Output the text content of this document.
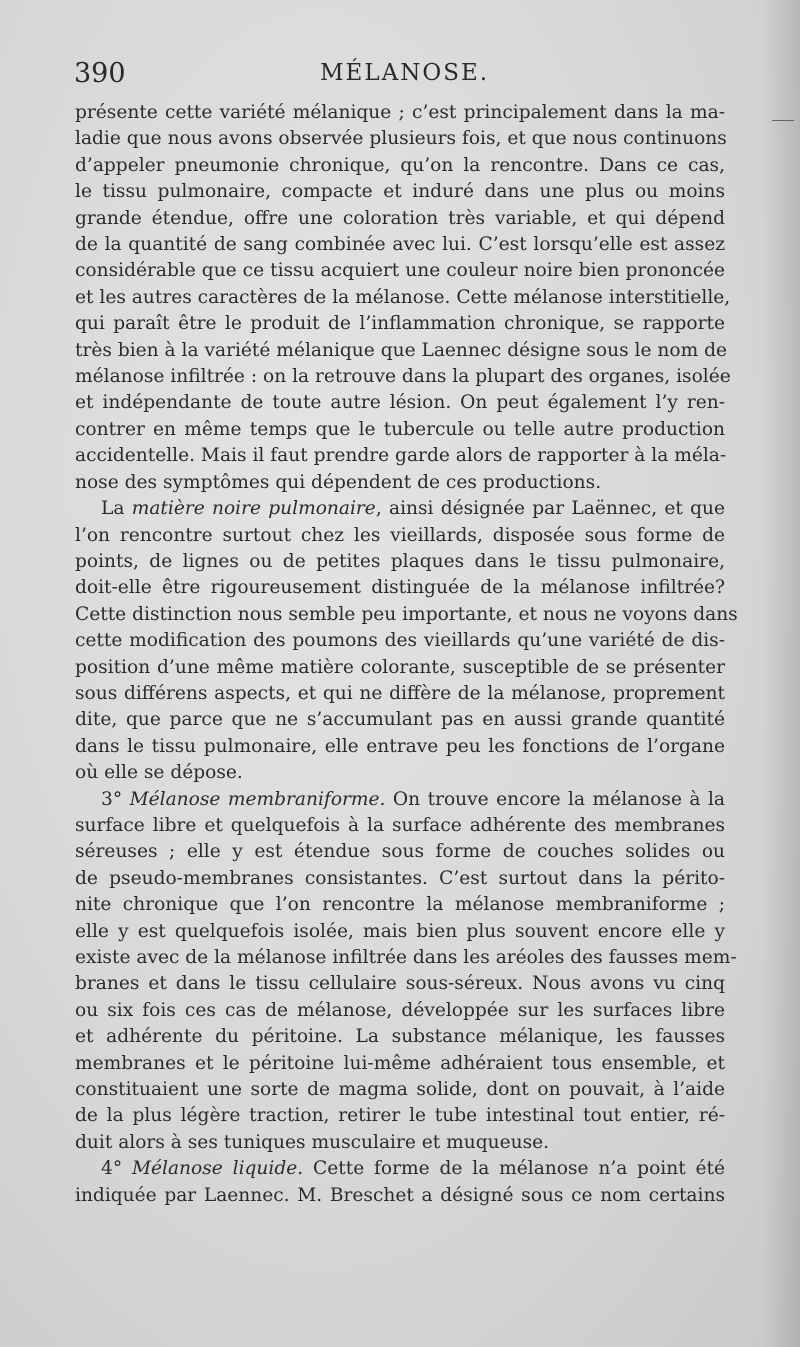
390	MÉLANOSE.
présente cette variété mélanique ; c’est principalement dans la ma-
ladie que nous avons observée plusieurs fois, et que nous continuons
d’appeler pneumonie chronique, qu’on la rencontre. Dans ce cas,
le tissu pulmonaire, compacte et induré dans une plus ou moins
grande étendue, offre une coloration très variable, et qui dépend
de la quantité de sang combinée avec lui. C’est lorsqu’elle est assez
considérable que ce tissu acquiert une couleur noire bien prononcée
et les autres caractères de la mélanose. Cette mélanose interstitielle,
qui paraît être le produit de l’inflammation chronique, se rapporte
très bien à la variété mélanique que Laennec désigne sous le nom de
mélanose infiltrée : on la retrouve dans la plupart des organes, isolée
et indépendante de toute autre lésion. On peut également l’y ren-
contrer en même temps que le tubercule ou telle autre production
accidentelle. Mais il faut prendre garde alors de rapporter à la méla-
nose des symptômes qui dépendent de ces productions.
La matière noire pulmonaire, ainsi désignée par Laënnec, et que
l’on rencontre surtout chez les vieillards, disposée sous forme de
points, de lignes ou de petites plaques dans le tissu pulmonaire,
doit-elle être rigoureusement distinguée de la mélanose infiltrée?
Cette distinction nous semble peu importante, et nous ne voyons dans
cette modification des poumons des vieillards qu’une variété de dis-
position d’une même matière colorante, susceptible de se présenter
sous différens aspects, et qui ne diffère de la mélanose, proprement
dite, que parce que ne s’accumulant pas en aussi grande quantité
dans le tissu pulmonaire, elle entrave peu les fonctions de l’organe
où elle se dépose.
3° Mélanose membraniforme. On trouve encore la mélanose à la
surface libre et quelquefois à la surface adhérente des membranes
séreuses ; elle y est étendue sous forme de couches solides ou
de pseudo-membranes consistantes. C’est surtout dans la périto-
nite chronique que l’on rencontre la mélanose membraniforme ;
elle y est quelquefois isolée, mais bien plus souvent encore elle y
existe avec de la mélanose infiltrée dans les aréoles des fausses mem-
branes et dans le tissu cellulaire sous-séreux. Nous avons vu cinq
ou six fois ces cas de mélanose, développée sur les surfaces libre
et adhérente du péritoine. La substance mélanique, les fausses
membranes et le péritoine lui-même adhéraient tous ensemble, et
constituaient une sorte de magma solide, dont on pouvait, à l’aide
de la plus légère traction, retirer le tube intestinal tout entier, ré-
duit alors à ses tuniques musculaire et muqueuse.
4° Mélanose liquide. Cette forme de la mélanose n’a point été
indiquée par Laennec. M. Breschet a désigné sous ce nom certains
